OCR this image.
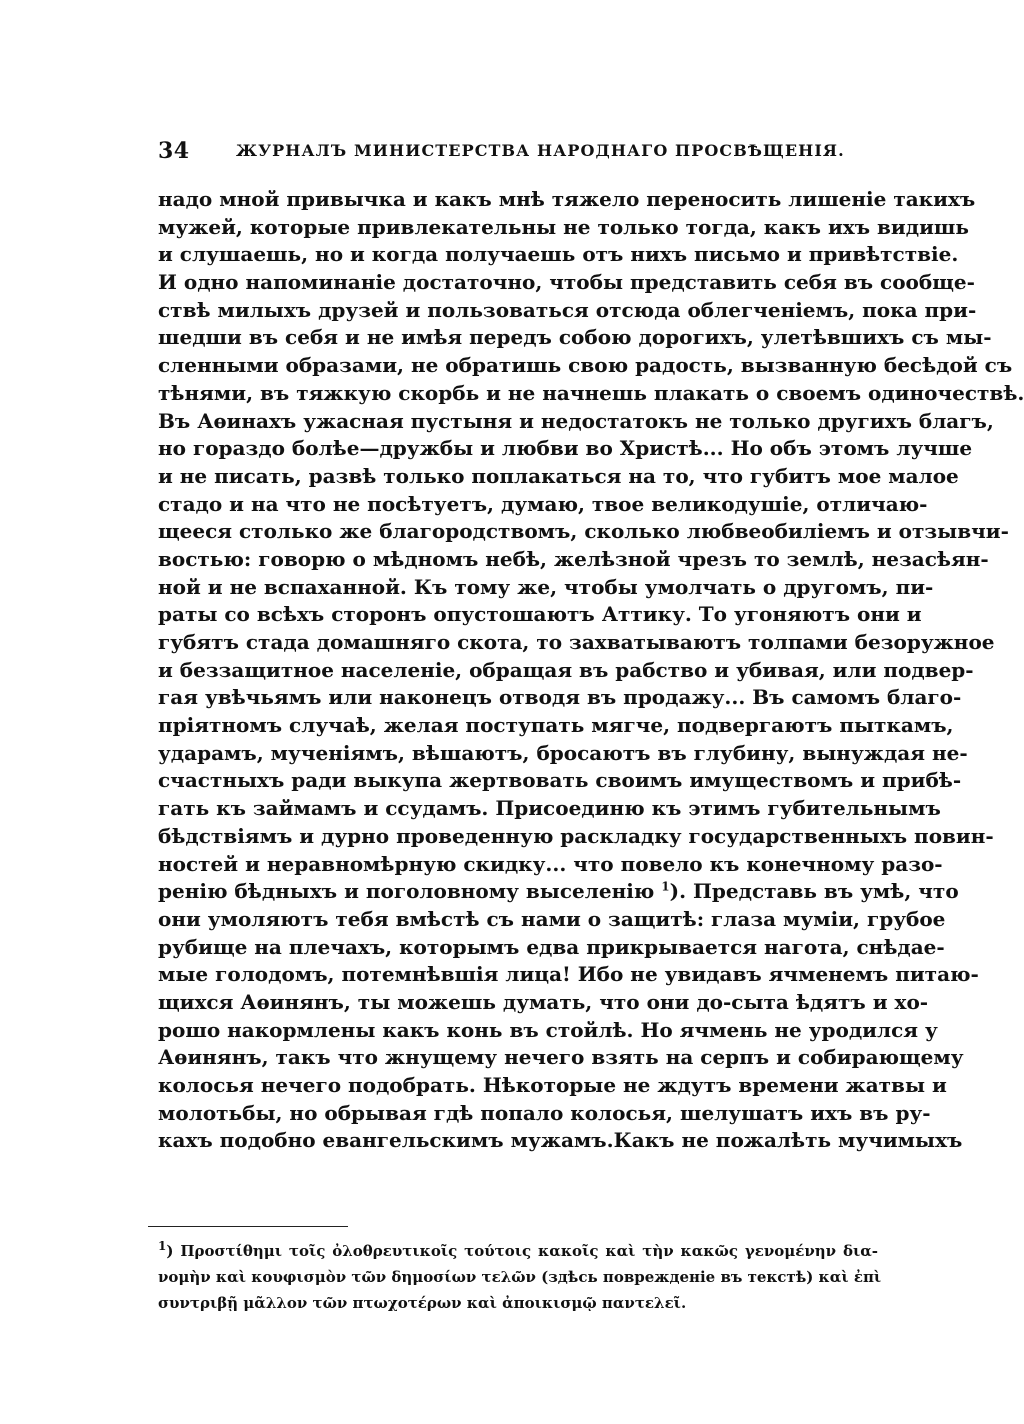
34	ЖУРНАЛЪ МИНИСТЕРСТВА НАРОДНАГО ПРОСВѢЩЕНІЯ.
надо мной привычка и какъ мнѣ тяжело переносить лишеніе такихъ
мужей, которые привлекательны не только тогда, какъ ихъ видишь
и слушаешь, но и когда получаешь отъ нихъ письмо и привѣтствіе.
И одно напоминаніе достаточно, чтобы представить себя въ сообще-
ствѣ милыхъ друзей и пользоваться отсюда облегченіемъ, пока при-
шедши въ себя и не имѣя передъ собою дорогихъ, улетѣвшихъ съ мы-
сленными образами, не обратишь свою радость, вызванную бесѣдой съ
тѣнями, въ тяжкую скорбь и не начнешь плакать о своемъ одиночествѣ.
Въ Аѳинахъ ужасная пустыня и недостатокъ не только другихъ благъ,
но гораздо болѣе—дружбы и любви во Христѣ... Но объ этомъ лучше
и не писать, развѣ только поплакаться на то, что губитъ мое малое
стадо и на что не посѣтуетъ, думаю, твое великодушіе, отличаю-
щееся столько же благородствомъ, сколько любвеобиліемъ и отзывчи-
востью: говорю о мѣдномъ небѣ, желѣзной чрезъ то землѣ, незасѣян-
ной и не вспаханной. Къ тому же, чтобы умолчать о другомъ, пи-
раты со всѣхъ сторонъ опустошаютъ Аттику. То угоняютъ они и
губятъ стада домашняго скота, то захватываютъ толпами безоружное
и беззащитное населеніе, обращая въ рабство и убивая, или подвер-
гая увѣчьямъ или наконецъ отводя въ продажу... Въ самомъ благо-
пріятномъ случаѣ, желая поступать мягче, подвергаютъ пыткамъ,
ударамъ, мученіямъ, вѣшаютъ, бросаютъ въ глубину, вынуждая не-
счастныхъ ради выкупа жертвовать своимъ имуществомъ и прибѣ-
гать къ займамъ и ссудамъ. Присоединю къ этимъ губительнымъ
бѣдствіямъ и дурно проведенную раскладку государственныхъ повин-
ностей и неравномѣрную скидку... что повело къ конечному разо-
ренію бѣдныхъ и поголовному выселенію $^1$). Представь въ умѣ, что
они умоляютъ тебя вмѣстѣ съ нами о защитѣ: глаза муміи, грубое
рубище на плечахъ, которымъ едва прикрывается нагота, снѣдае-
мые голодомъ, потемнѣвшія лица! Ибо не увидавъ ячменемъ питаю-
щихся Аѳинянъ, ты можешь думать, что они до-сыта ѣдятъ и хо-
рошо накормлены какъ конь въ стойлѣ. Но ячмень не уродился у
Аѳинянъ, такъ что жнущему нечего взять на серпъ и собирающему
колосья нечего подобрать. Нѣкоторые не ждутъ времени жатвы и
молотьбы, но обрывая гдѣ попало колосья, шелушатъ ихъ въ ру-
кахъ подобно евангельскимъ мужамъ.Какъ не пожалѣть мучимыхъ
$^1$) Προστίθημι τοῖς ὀλοθρευτικοῖς τούτοις κακοῖς καὶ τὴν κακῶς γενομένην δια-
νομὴν καὶ κουφισμὸν τῶν δημοσίων τελῶν (здѣсь поврежденіе въ текстѣ) καὶ ἐπὶ
συντριβῇ μᾶλλον τῶν πτωχοτέρων καὶ ἀποικισμῷ παντελεῖ.
